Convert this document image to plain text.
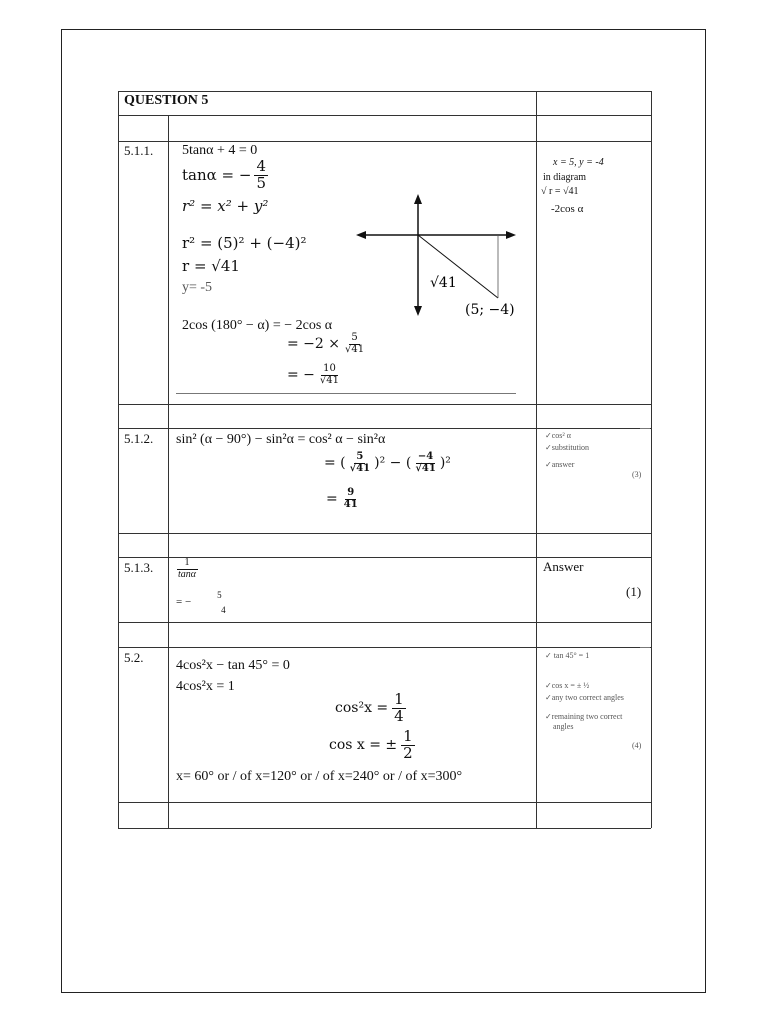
QUESTION 5
5.1.1. 5tanα + 4 = 0
tanα = − $\frac{4}{5}$
r² = x² + y²
r² = (5)² + (−4)²
r = √41
y= -5
2cos (180° − α) = − 2cos α
= $-2 \times \frac{5}{√41}$
= − $\frac{10}{√41}$
√41
(5; −4)
x = 5, y = -4
in diagram
√ r = √41
-2cos α
5.1.2. sin² (α − 90°) − sin²α = cos² α − sin²α
= ( $\frac{5}{√41} )^2$ − ( $\frac{-4}{√41} )^2$
= $\frac{9}{41}$
✓cos² α
✓substitution
✓answer
(3)
5.1.3. $\frac{1}{\tan\alpha}$
= −
5
4
Answer
(1)
5.2.
4cos²x − tan 45° = 0
4cos²x = 1
$\cos^2x = \frac{1}{4}$
cos x = ± $\frac{1}{2}$
x= 60° or / of x=120° or / of x=240° or / of x=300°
✓ tan 45° = 1
✓cos x = ± ½
✓any two correct angles
✓remaining two correct
angles
(4)
